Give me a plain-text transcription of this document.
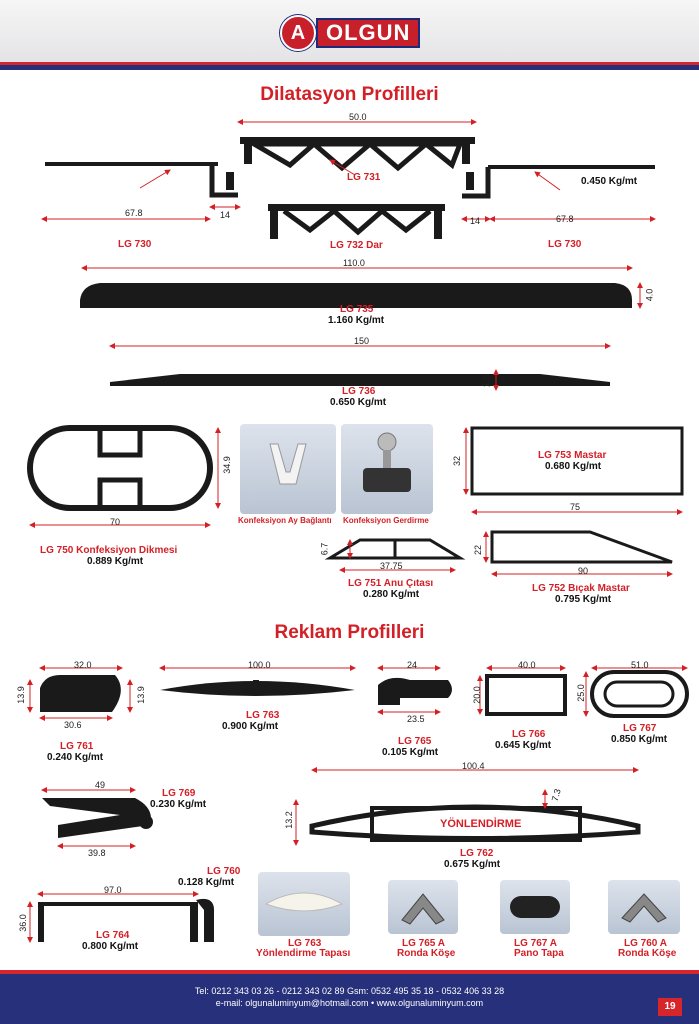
A OLGUN
Dilatasyon Profilleri
Reklam Profilleri
50.0
LG 731	0.450 Kg/mt
67.8	14
14	67.8
LG 730	LG 732 Dar	LG 730
110.0
4.0
LG 735
1.160 Kg/mt
150
1.5
LG 736
0.650 Kg/mt
34.9
70
LG 750 Konfeksiyon Dikmesi
0.889 Kg/mt
Konfeksiyon Ay Bağlantı Konfeksiyon Gerdirme
32	LG 753 Mastar
0.680 Kg/mt
75
6.7
37.75
LG 751 Anu Çıtası
0.280 Kg/mt
22
90
LG 752 Bıçak Mastar
0.795 Kg/mt
32.0
13.9	13.9
30.6
LG 761
0.240 Kg/mt
100.0
LG 763
0.900 Kg/mt
24
23.5
LG 765
0.105 Kg/mt
40.0
20.0
LG 766
0.645 Kg/mt
51.0
25.0
LG 767
0.850 Kg/mt
49
LG 769
0.230 Kg/mt
39.8
100.4
7.3
13.2	YÖNLENDİRME
LG 762
0.675 Kg/mt
97.0
36.0
LG 764
0.800 Kg/mt
LG 760
0.128 Kg/mt
LG 763
Yönlendirme Tapası
LG 765 A
Ronda Köşe
LG 767 A
Pano Tapa
LG 760 A
Ronda Köşe
Tel: 0212 343 03 26 - 0212 343 02 89 Gsm: 0532 495 35 18 - 0532 406 33 28
e-mail: olgunaluminyum@hotmail.com • www.olgunaluminyum.com	19
